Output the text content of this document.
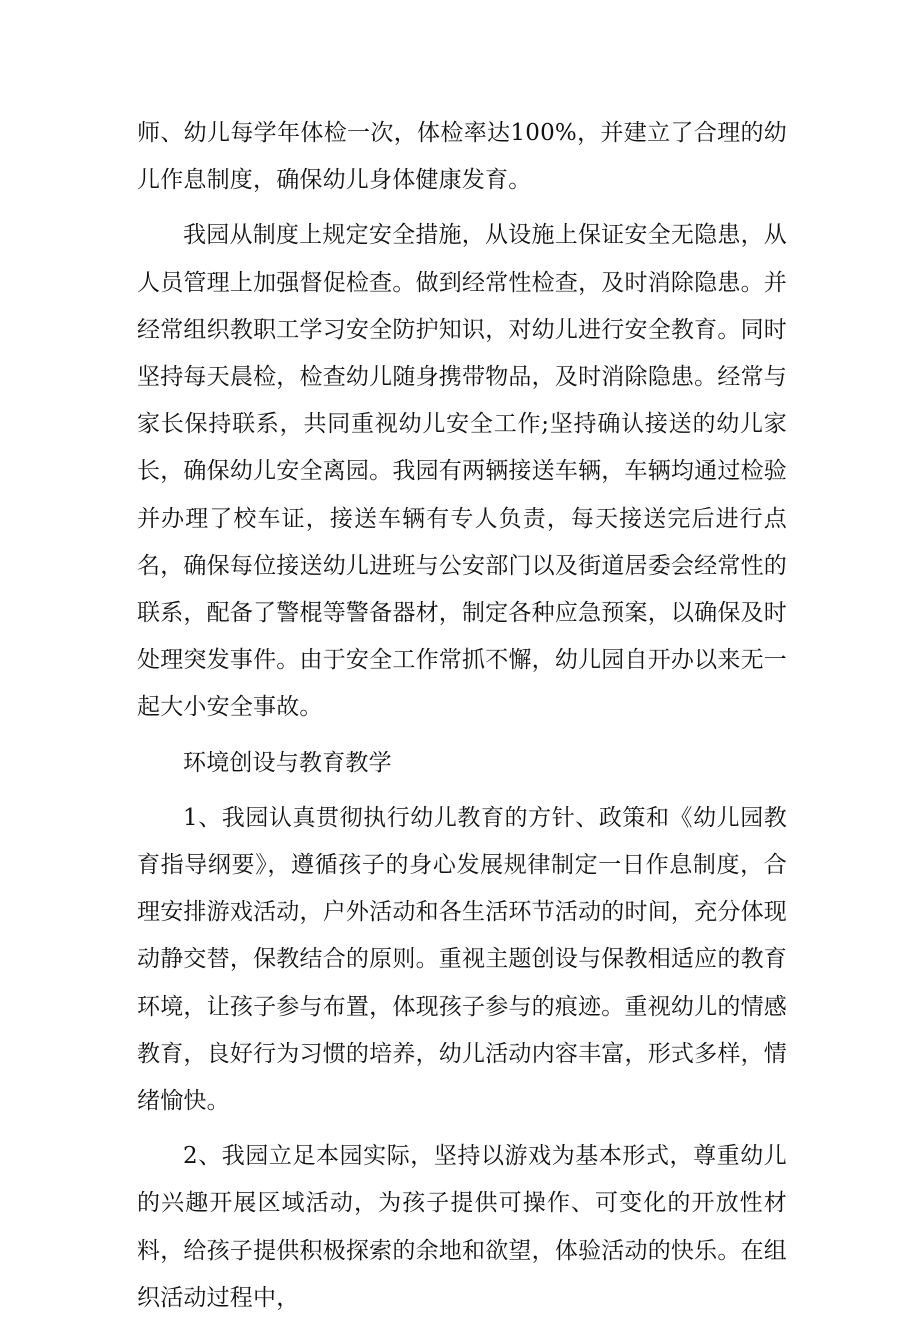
师、幼儿每学年体检一次，体检率达100%，并建立了合理的幼儿作息制度，确保幼儿身体健康发育。

我园从制度上规定安全措施，从设施上保证安全无隐患，从人员管理上加强督促检查。做到经常性检查，及时消除隐患。并经常组织教职工学习安全防护知识，对幼儿进行安全教育。同时坚持每天晨检，检查幼儿随身携带物品，及时消除隐患。经常与家长保持联系，共同重视幼儿安全工作;坚持确认接送的幼儿家长，确保幼儿安全离园。我园有两辆接送车辆，车辆均通过检验并办理了校车证，接送车辆有专人负责，每天接送完后进行点名，确保每位接送幼儿进班与公安部门以及街道居委会经常性的联系，配备了警棍等警备器材，制定各种应急预案，以确保及时处理突发事件。由于安全工作常抓不懈，幼儿园自开办以来无一起大小安全事故。

环境创设与教育教学

1、我园认真贯彻执行幼儿教育的方针、政策和《幼儿园教育指导纲要》，遵循孩子的身心发展规律制定一日作息制度，合理安排游戏活动，户外活动和各生活环节活动的时间，充分体现动静交替，保教结合的原则。重视主题创设与保教相适应的教育环境，让孩子参与布置，体现孩子参与的痕迹。重视幼儿的情感教育，良好行为习惯的培养，幼儿活动内容丰富，形式多样，情绪愉快。

2、我园立足本园实际，坚持以游戏为基本形式，尊重幼儿的兴趣开展区域活动，为孩子提供可操作、可变化的开放性材料，给孩子提供积极探索的余地和欲望，体验活动的快乐。在组织活动过程中，
